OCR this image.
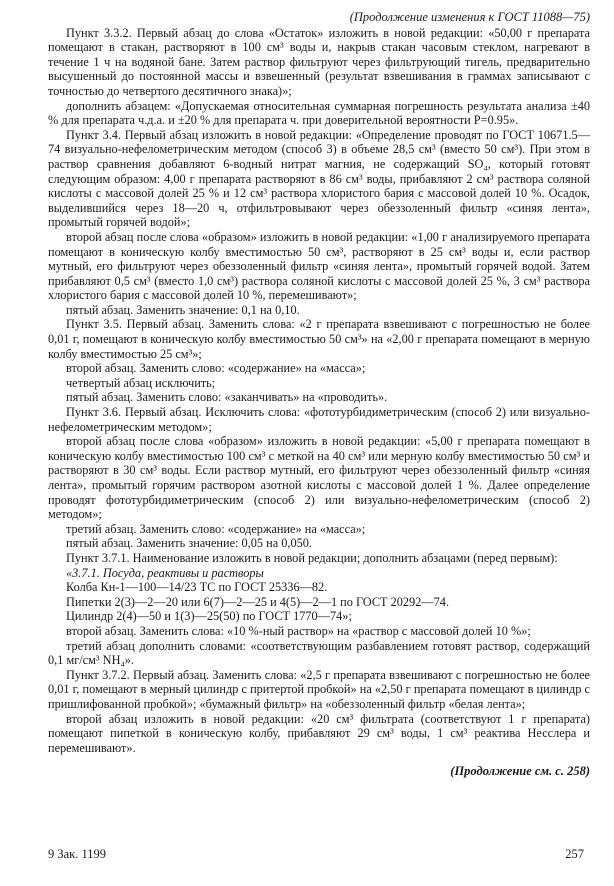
(Продолжение изменения к ГОСТ 11088—75)

Пункт 3.3.2. Первый абзац до слова «Остаток» изложить в новой редакции: «50,00 г препарата помещают в стакан, растворяют в 100 см³ воды и, накрыв стакан часовым стеклом, нагревают в течение 1 ч на водяной бане. Затем раствор фильтруют через фильтрующий тигель, предварительно высушенный до постоянной массы и взвешенный (результат взвешивания в граммах записывают с точностью до четвертого десятичного знака)»;

дополнить абзацем: «Допускаемая относительная суммарная погрешность результата анализа ±40 % для препарата ч.д.а. и ±20 % для препарата ч. при доверительной вероятности P=0.95».

Пункт 3.4. Первый абзац изложить в новой редакции: «Определение проводят по ГОСТ 10671.5—74 визуально-нефелометрическим методом (способ 3) в объеме 28,5 см³ (вместо 50 см³). При этом в раствор сравнения добавляют 6-водный нитрат магния, не содержащий SO₄, который готовят следующим образом: 4,00 г препарата растворяют в 86 см³ воды, прибавляют 2 см³ раствора соляной кислоты с массовой долей 25 % и 12 см³ раствора хлористого бария с массовой долей 10 %. Осадок, выделившийся через 18—20 ч, отфильтровывают через обеззоленный фильтр «синяя лента», промытый горячей водой»;

второй абзац после слова «образом» изложить в новой редакции: «1,00 г анализируемого препарата помещают в коническую колбу вместимостью 50 см³, растворяют в 25 см³ воды и, если раствор мутный, его фильтруют через обеззоленный фильтр «синяя лента», промытый горячей водой. Затем прибавляют 0,5 см³ (вместо 1,0 см³) раствора соляной кислоты с массовой долей 25 %, 3 см³ раствора хлористого бария с массовой долей 10 %, перемешивают»;

пятый абзац. Заменить значение: 0,1 на 0,10.

Пункт 3.5. Первый абзац. Заменить слова: «2 г препарата взвешивают с погрешностью не более 0,01 г, помещают в коническую колбу вместимостью 50 см³» на «2,00 г препарата помещают в мерную колбу вместимостью 25 см³»;

второй абзац. Заменить слово: «содержание» на «масса»;

четвертый абзац исключить;

пятый абзац. Заменить слово: «заканчивать» на «проводить».

Пункт 3.6. Первый абзац. Исключить слова: «фототурбидиметрическим (способ 2) или визуально-нефелометрическим методом»;

второй абзац после слова «образом» изложить в новой редакции: «5,00 г препарата помещают в коническую колбу вместимостью 100 см³ с меткой на 40 см³ или мерную колбу вместимостью 50 см³ и растворяют в 30 см³ воды. Если раствор мутный, его фильтруют через обеззоленный фильтр «синяя лента», промытый горячим раствором азотной кислоты с массовой долей 1 %. Далее определение проводят фототурбидиметрическим (способ 2) или визуально-нефелометрическим (способ 2) методом»;

третий абзац. Заменить слово: «содержание» на «масса»;

пятый абзац. Заменить значение: 0,05 на 0,050.

Пункт 3.7.1. Наименование изложить в новой редакции; дополнить абзацами (перед первым):

«3.7.1. Посуда, реактивы и растворы

Колба Кн-1—100—14/23 ТС по ГОСТ 25336—82.

Пипетки 2(3)—2—20 или 6(7)—2—25 и 4(5)—2—1 по ГОСТ 20292—74.

Цилиндр 2(4)—50 и 1(3)—25(50) по ГОСТ 1770—74»;

второй абзац. Заменить слова: «10 %-ный раствор» на «раствор с массовой долей 10 %»;

третий абзац дополнить словами: «соответствующим разбавлением готовят раствор, содержащий 0,1 мг/см³ NH₄».

Пункт 3.7.2. Первый абзац. Заменить слова: «2,5 г препарата взвешивают с погрешностью не более 0,01 г, помещают в мерный цилиндр с притертой пробкой» на «2,50 г препарата помещают в цилиндр с пришлифованной пробкой»; «бумажный фильтр» на «обеззоленный фильтр «белая лента»;

второй абзац изложить в новой редакции: «20 см³ фильтрата (соответствуют 1 г препарата) помещают пипеткой в коническую колбу, прибавляют 29 см³ воды, 1 см³ реактива Несслера и перемешивают».

(Продолжение см. с. 258)
9 Зак. 1199	257
